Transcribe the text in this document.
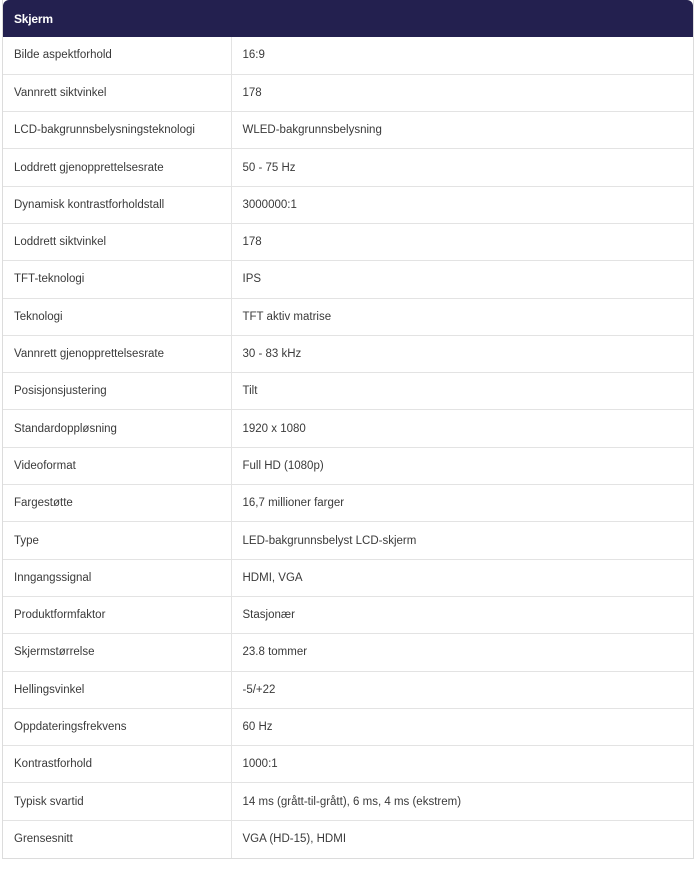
Skjerm
Bilde aspektforhold	16:9
Vannrett siktvinkel	178
LCD-bakgrunnsbelysningsteknologi	WLED-bakgrunnsbelysning
Loddrett gjenopprettelsesrate	50 - 75 Hz
Dynamisk kontrastforholdstall	3000000:1
Loddrett siktvinkel	178
TFT-teknologi	IPS
Teknologi	TFT aktiv matrise
Vannrett gjenopprettelsesrate	30 - 83 kHz
Posisjonsjustering	Tilt
Standardoppløsning	1920 x 1080
Videoformat	Full HD (1080p)
Fargestøtte	16,7 millioner farger
Type	LED-bakgrunnsbelyst LCD-skjerm
Inngangssignal	HDMI, VGA
Produktformfaktor	Stasjonær
Skjermstørrelse	23.8 tommer
Hellingsvinkel	-5/+22
Oppdateringsfrekvens	60 Hz
Kontrastforhold	1000:1
Typisk svartid	14 ms (grått-til-grått), 6 ms, 4 ms (ekstrem)
Grensesnitt	VGA (HD-15), HDMI
